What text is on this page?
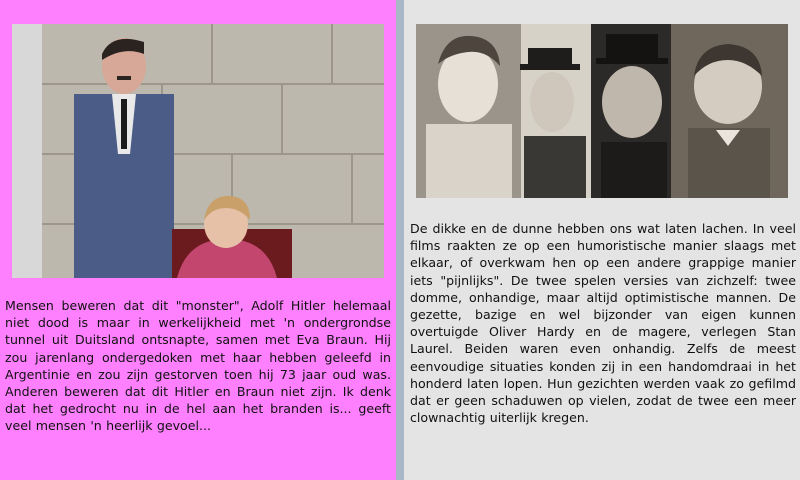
Mensen beweren dat dit "monster", Adolf Hitler helemaal niet dood is maar in werkelijkheid met 'n ondergrondse tunnel uit Duitsland ontsnapte, samen met Eva Braun. Hij zou jarenlang ondergedoken met haar hebben geleefd in Argentinie en zou zijn gestorven toen hij 73 jaar oud was. Anderen beweren dat dit Hitler en Braun niet zijn. Ik denk dat het gedrocht nu in de hel aan het branden is... geeft veel mensen 'n heerlijk gevoel...

De dikke en de dunne hebben ons wat laten lachen. In veel films raakten ze op een humoristische manier slaags met elkaar, of overkwam hen op een andere grappige manier iets "pijnlijks". De twee spelen versies van zichzelf: twee domme, onhandige, maar altijd optimistische mannen. De gezette, bazige en wel bijzonder van eigen kunnen overtuigde Oliver Hardy en de magere, verlegen Stan Laurel. Beiden waren even onhandig. Zelfs de meest eenvoudige situaties konden zij in een handomdraai in het honderd laten lopen. Hun gezichten werden vaak zo gefilmd dat er geen schaduwen op vielen, zodat de twee een meer clownachtig uiterlijk kregen.
